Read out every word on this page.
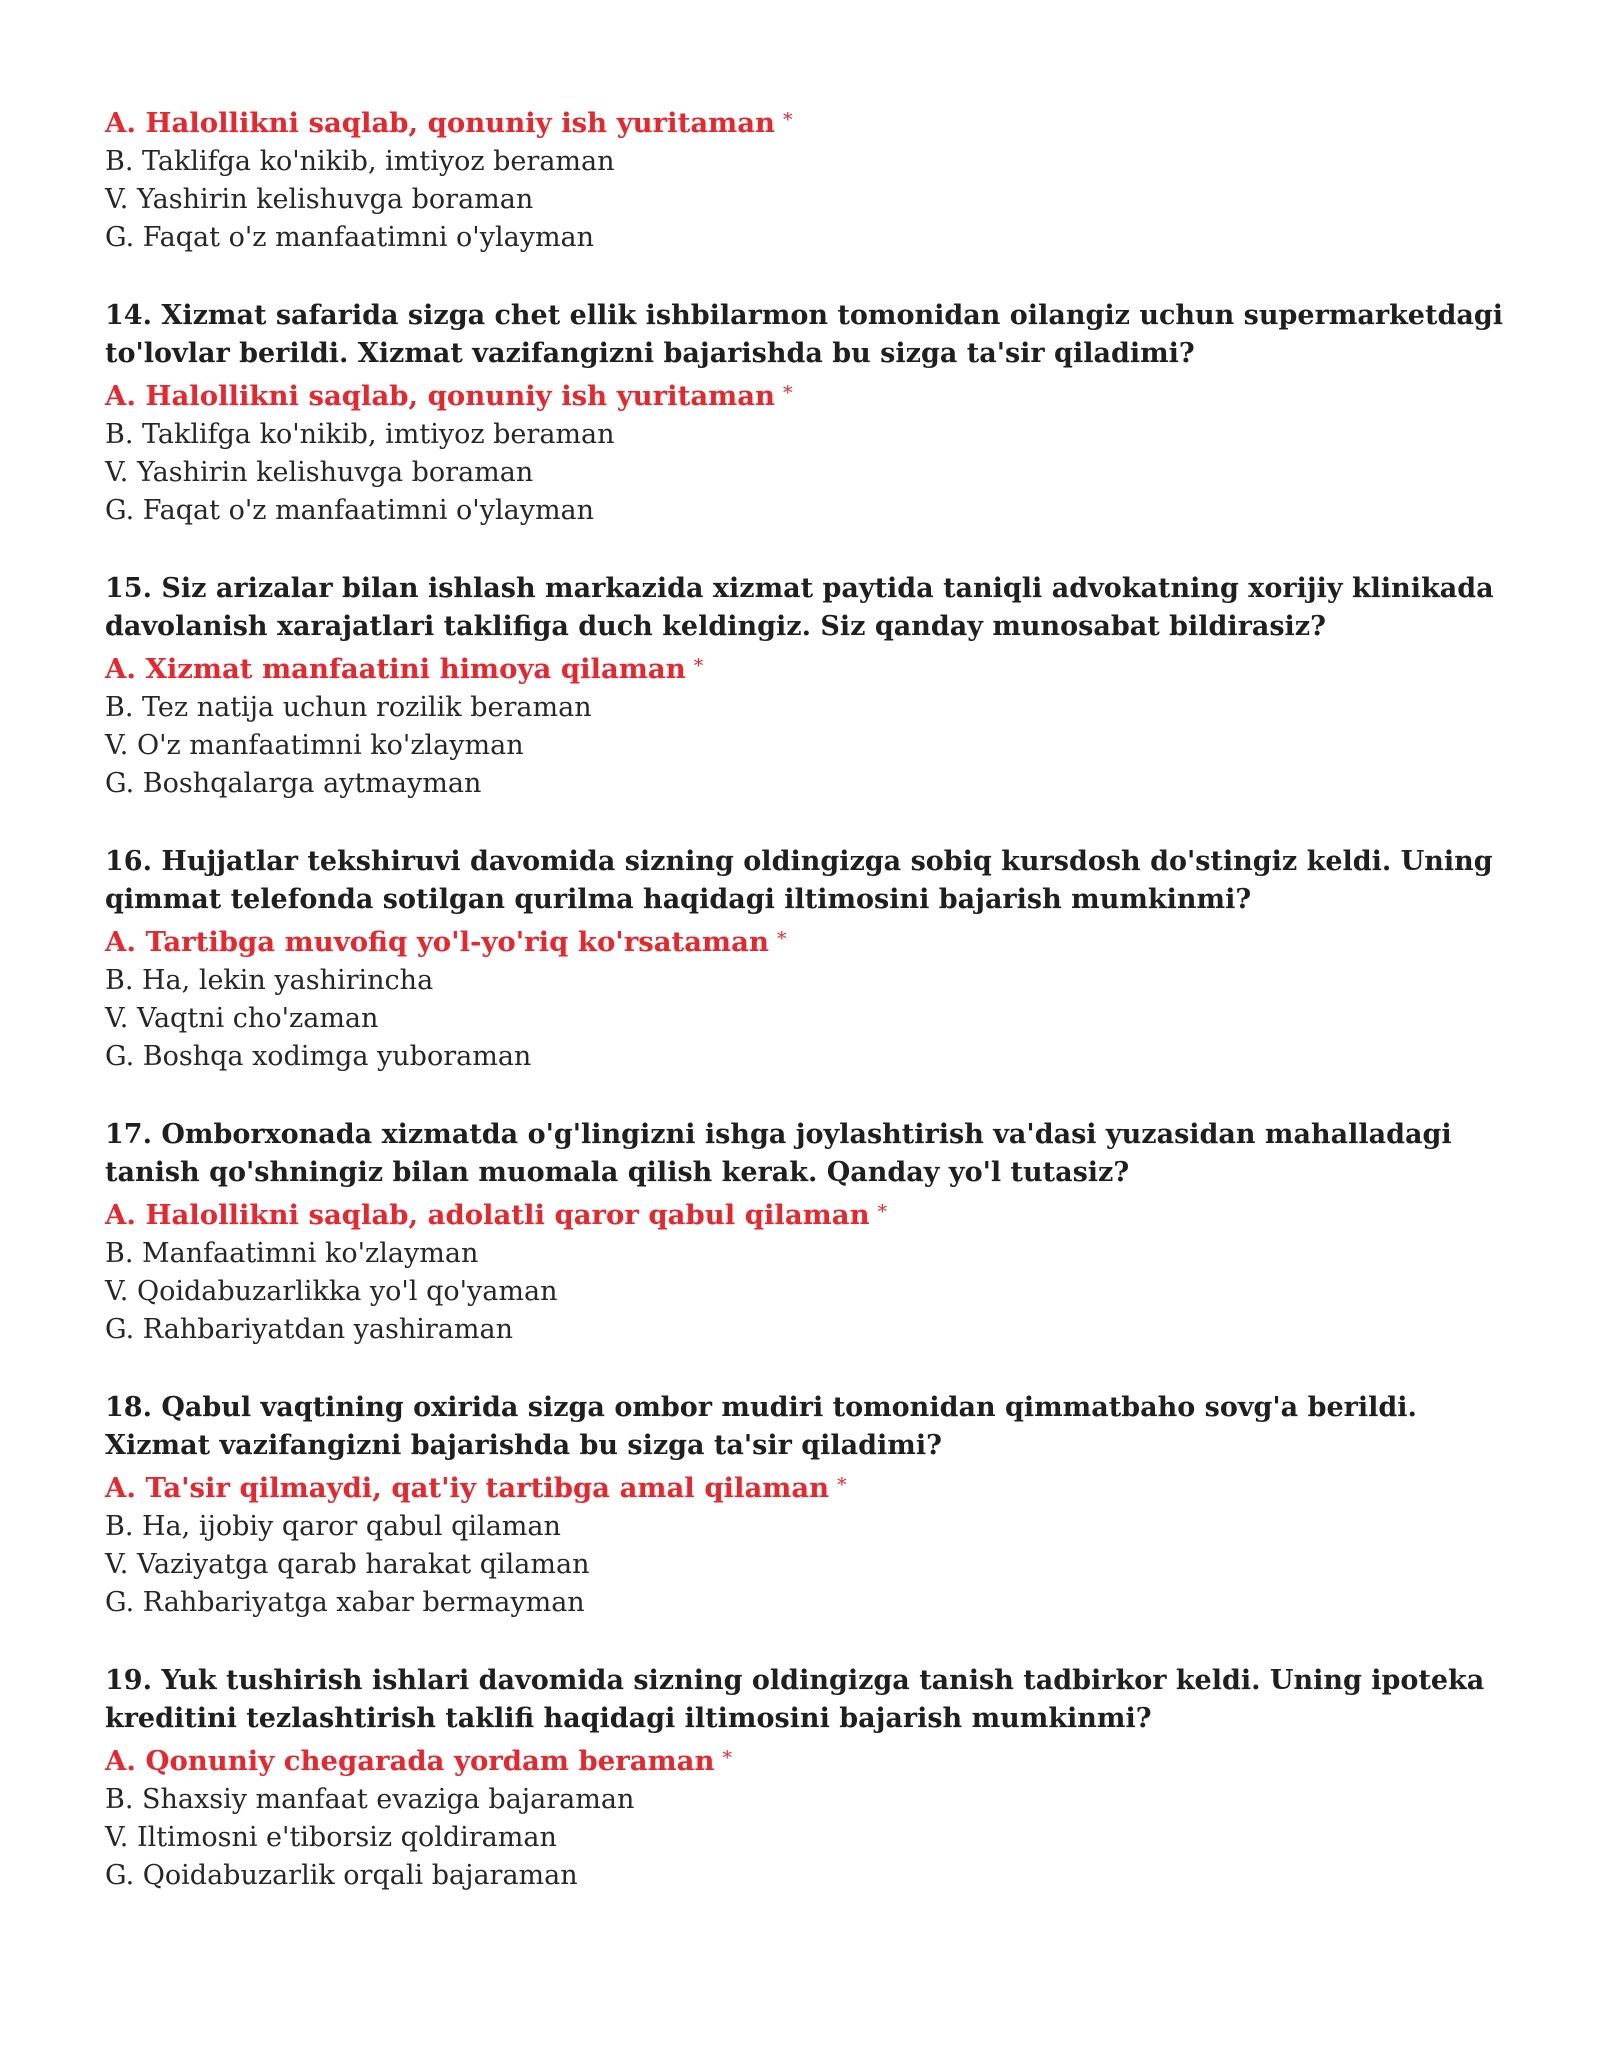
A. Halollikni saqlab, qonuniy ish yuritaman *
B. Taklifga ko'nikib, imtiyoz beraman
V. Yashirin kelishuvga boraman
G. Faqat o'z manfaatimni o'ylayman
14. Xizmat safarida sizga chet ellik ishbilarmon tomonidan oilangiz uchun supermarketdagi to'lovlar berildi. Xizmat vazifangizni bajarishda bu sizga ta'sir qiladimi?
A. Halollikni saqlab, qonuniy ish yuritaman *
B. Taklifga ko'nikib, imtiyoz beraman
V. Yashirin kelishuvga boraman
G. Faqat o'z manfaatimni o'ylayman
15. Siz arizalar bilan ishlash markazida xizmat paytida taniqli advokatning xorijiy klinikada davolanish xarajatlari taklifiga duch keldingiz. Siz qanday munosabat bildirasiz?
A. Xizmat manfaatini himoya qilaman *
B. Tez natija uchun rozilik beraman
V. O'z manfaatimni ko'zlayman
G. Boshqalarga aytmayman
16. Hujjatlar tekshiruvi davomida sizning oldingizga sobiq kursdosh do'stingiz keldi. Uning qimmat telefonda sotilgan qurilma haqidagi iltimosini bajarish mumkinmi?
A. Tartibga muvofiq yo'l-yo'riq ko'rsataman *
B. Ha, lekin yashirincha
V. Vaqtni cho'zaman
G. Boshqa xodimga yuboraman
17. Omborxonada xizmatda o'g'lingizni ishga joylashtirish va'dasi yuzasidan mahalladagi tanish qo'shningiz bilan muomala qilish kerak. Qanday yo'l tutasiz?
A. Halollikni saqlab, adolatli qaror qabul qilaman *
B. Manfaatimni ko'zlayman
V. Qoidabuzarlikka yo'l qo'yaman
G. Rahbariyatdan yashiraman
18. Qabul vaqtining oxirida sizga ombor mudiri tomonidan qimmatbaho sovg'a berildi. Xizmat vazifangizni bajarishda bu sizga ta'sir qiladimi?
A. Ta'sir qilmaydi, qat'iy tartibga amal qilaman *
B. Ha, ijobiy qaror qabul qilaman
V. Vaziyatga qarab harakat qilaman
G. Rahbariyatga xabar bermayman
19. Yuk tushirish ishlari davomida sizning oldingizga tanish tadbirkor keldi. Uning ipoteka kreditini tezlashtirish taklifi haqidagi iltimosini bajarish mumkinmi?
A. Qonuniy chegarada yordam beraman *
B. Shaxsiy manfaat evaziga bajaraman
V. Iltimosni e'tiborsiz qoldiraman
G. Qoidabuzarlik orqali bajaraman
